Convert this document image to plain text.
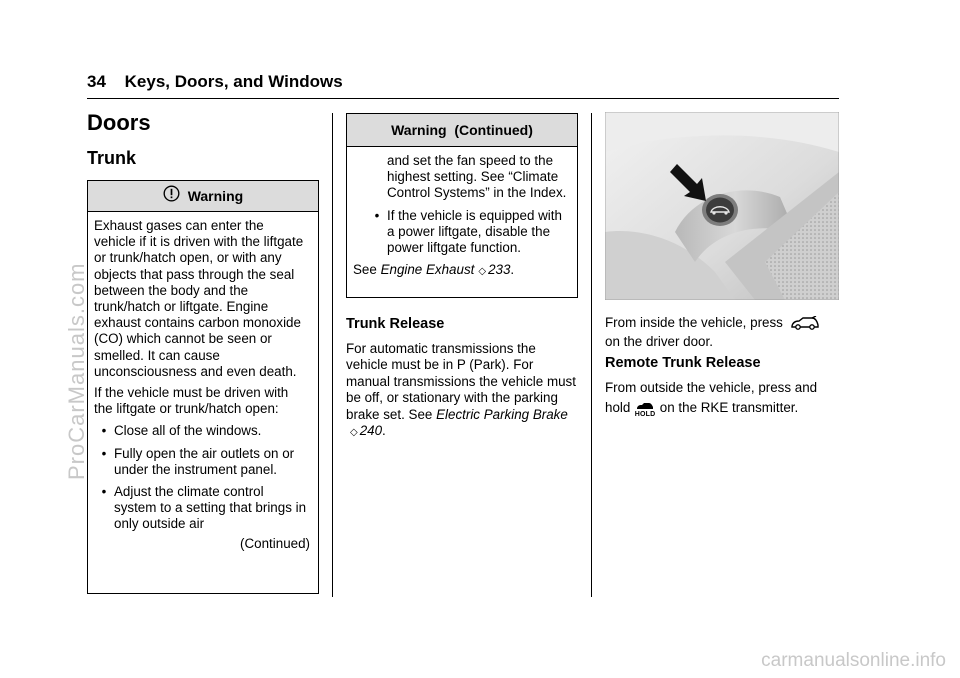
34 Keys, Doors, and Windows
Doors
Trunk
Warning

Exhaust gases can enter the vehicle if it is driven with the liftgate or trunk/hatch open, or with any objects that pass through the seal between the body and the trunk/hatch or liftgate. Engine exhaust contains carbon monoxide (CO) which cannot be seen or smelled. It can cause unconsciousness and even death.

If the vehicle must be driven with the liftgate or trunk/hatch open:

• Close all of the windows.
• Fully open the air outlets on or under the instrument panel.
• Adjust the climate control system to a setting that brings in only outside air
(Continued)
Warning  (Continued)
and set the fan speed to the highest setting. See “Climate Control Systems” in the Index.
• If the vehicle is equipped with a power liftgate, disable the power liftgate function.
See Engine Exhaust ◇ 233.
Trunk Release
For automatic transmissions the vehicle must be in P (Park). For manual transmissions the vehicle must be off, or stationary with the parking brake set. See Electric Parking Brake◇ 240.
From inside the vehicle, press
on the driver door.
Remote Trunk Release
From outside the vehicle, press and hold HOLD on the RKE transmitter.
ProCarManuals.com
carmanualsonline.info
